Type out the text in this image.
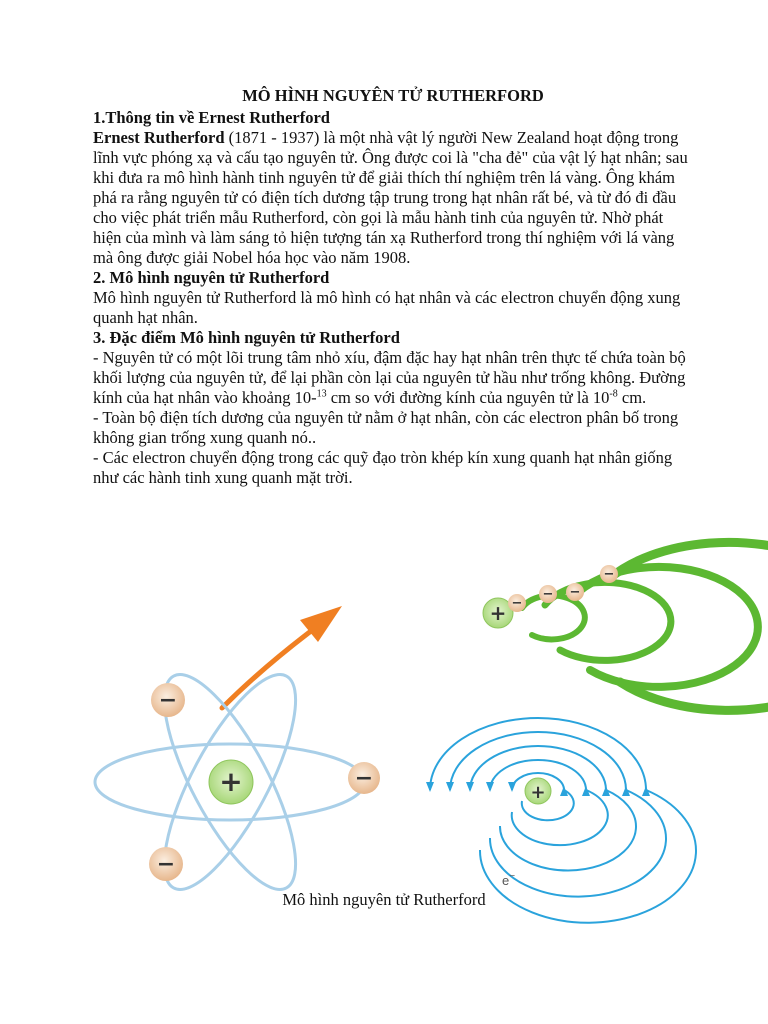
MÔ HÌNH NGUYÊN TỬ RUTHERFORD

1.Thông tin về Ernest Rutherford

Ernest Rutherford (1871 - 1937) là một nhà vật lý người New Zealand hoạt động trong lĩnh vực phóng xạ và cấu tạo nguyên tử. Ông được coi là "cha đẻ" của vật lý hạt nhân; sau khi đưa ra mô hình hành tinh nguyên tử để giải thích thí nghiệm trên lá vàng. Ông khám phá ra rằng nguyên tử có điện tích dương tập trung trong hạt nhân rất bé, và từ đó đi đầu cho việc phát triển mẫu Rutherford, còn gọi là mẫu hành tinh của nguyên tử. Nhờ phát hiện của mình và làm sáng tỏ hiện tượng tán xạ Rutherford trong thí nghiệm với lá vàng mà ông được giải Nobel hóa học vào năm 1908.

2. Mô hình nguyên tử Rutherford

Mô hình nguyên tử Rutherford là mô hình có hạt nhân và các electron chuyển động xung quanh hạt nhân.

3. Đặc điểm Mô hình nguyên tử Rutherford

- Nguyên tử có một lõi trung tâm nhỏ xíu, đậm đặc hay hạt nhân trên thực tế chứa toàn bộ khối lượng của nguyên tử, để lại phần còn lại của nguyên tử hầu như trống không. Đường kính của hạt nhân vào khoảng 10-$^{13}$ cm so với đường kính của nguyên tử là $10^{-8}$ cm.

- Toàn bộ điện tích dương của nguyên tử nằm ở hạt nhân, còn các electron phân bố trong không gian trống xung quanh nó..

- Các electron chuyển động trong các quỹ đạo tròn khép kín xung quanh hạt nhân giống như các hành tinh xung quanh mặt trời.

+ −
− −
−
+
−
−
−
+
e−
Mô hình nguyên tử Rutherford
